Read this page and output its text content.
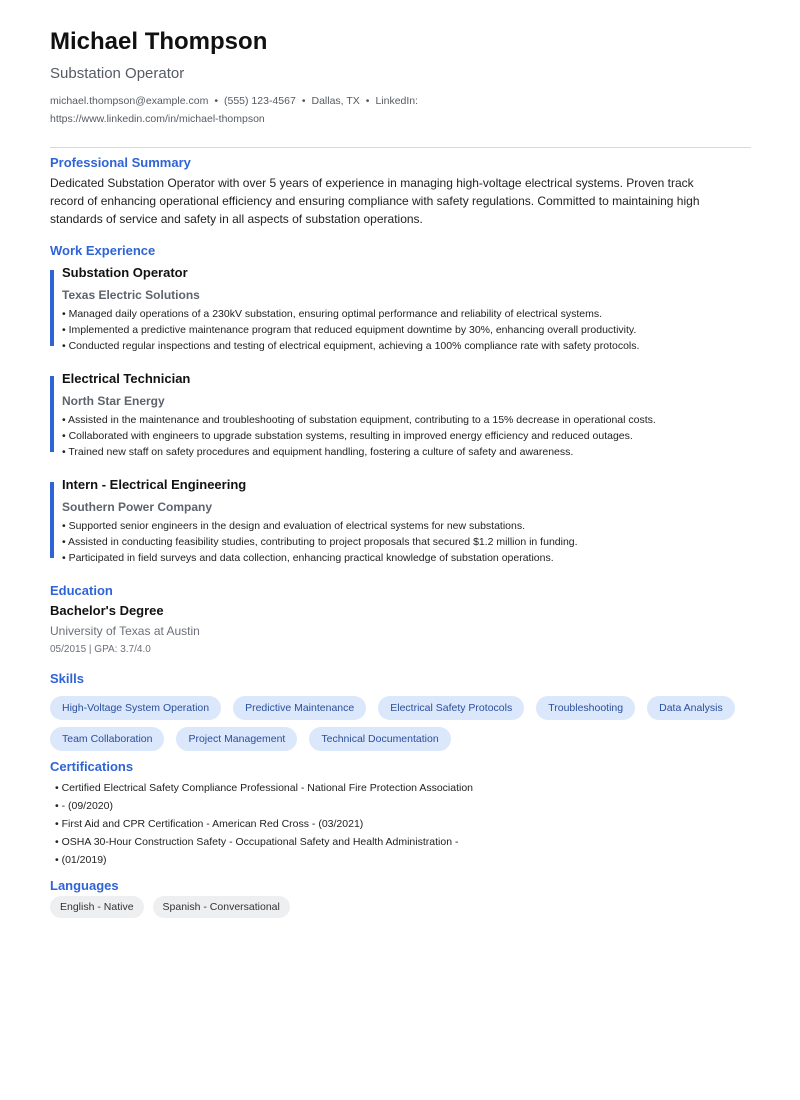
Michael Thompson
Substation Operator
michael.thompson@example.com • (555) 123-4567 • Dallas, TX • LinkedIn:
https://www.linkedin.com/in/michael-thompson
Professional Summary

Dedicated Substation Operator with over 5 years of experience in managing high-voltage electrical systems. Proven track record of enhancing operational efficiency and ensuring compliance with safety regulations. Committed to maintaining high standards of service and safety in all aspects of substation operations.

Work Experience
Substation Operator
Texas Electric Solutions
• Managed daily operations of a 230kV substation, ensuring optimal performance and reliability of electrical systems.
• Implemented a predictive maintenance program that reduced equipment downtime by 30%, enhancing overall productivity.
• Conducted regular inspections and testing of electrical equipment, achieving a 100% compliance rate with safety protocols.
Electrical Technician
North Star Energy
• Assisted in the maintenance and troubleshooting of substation equipment, contributing to a 15% decrease in operational costs.
• Collaborated with engineers to upgrade substation systems, resulting in improved energy efficiency and reduced outages.
• Trained new staff on safety procedures and equipment handling, fostering a culture of safety and awareness.
Intern - Electrical Engineering
Southern Power Company
• Supported senior engineers in the design and evaluation of electrical systems for new substations.
• Assisted in conducting feasibility studies, contributing to project proposals that secured $1.2 million in funding.
• Participated in field surveys and data collection, enhancing practical knowledge of substation operations.
Education
Bachelor's Degree
University of Texas at Austin
05/2015 | GPA: 3.7/4.0
Skills
High-Voltage System Operation	Predictive Maintenance	Electrical Safety Protocols	Troubleshooting	Data Analysis
Team Collaboration	Project Management	Technical Documentation
Certifications
• Certified Electrical Safety Compliance Professional - National Fire Protection Association
• - (09/2020)
• First Aid and CPR Certification - American Red Cross - (03/2021)
• OSHA 30-Hour Construction Safety - Occupational Safety and Health Administration -
• (01/2019)
Languages
English - Native	Spanish - Conversational
